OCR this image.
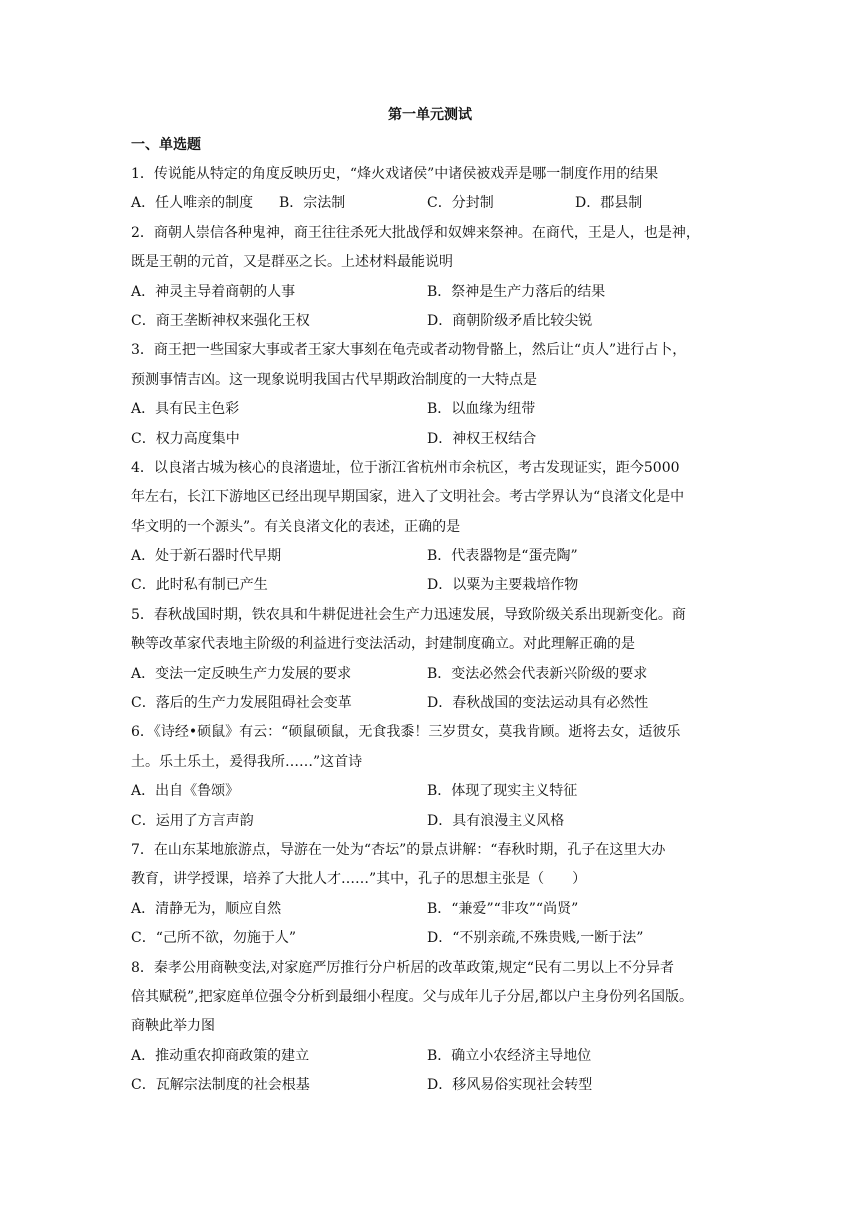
第一单元测试
一、单选题
1．传说能从特定的角度反映历史，“烽火戏诸侯”中诸侯被戏弄是哪一制度作用的结果
A．任人唯亲的制度 B．宗法制	C．分封制	D．郡县制
2．商朝人崇信各种鬼神，商王往往杀死大批战俘和奴婢来祭神。在商代，王是人，也是神，
既是王朝的元首，又是群巫之长。上述材料最能说明
A．神灵主导着商朝的人事	B．祭神是生产力落后的结果
C．商王垄断神权来强化王权	D．商朝阶级矛盾比较尖锐
3．商王把一些国家大事或者王家大事刻在龟壳或者动物骨骼上，然后让“贞人”进行占卜，
预测事情吉凶。这一现象说明我国古代早期政治制度的一大特点是
A．具有民主色彩	B．以血缘为纽带
C．权力高度集中	D．神权王权结合
4．以良渚古城为核心的良渚遗址，位于浙江省杭州市余杭区，考古发现证实，距今5000
年左右，长江下游地区已经出现早期国家，进入了文明社会。考古学界认为“良渚文化是中
华文明的一个源头”。有关良渚文化的表述，正确的是
A．处于新石器时代早期	B．代表器物是“蛋壳陶”
C．此时私有制已产生	D．以粟为主要栽培作物
5．春秋战国时期，铁农具和牛耕促进社会生产力迅速发展，导致阶级关系出现新变化。商
鞅等改革家代表地主阶级的利益进行变法活动，封建制度确立。对此理解正确的是
A．变法一定反映生产力发展的要求	B．变法必然会代表新兴阶级的要求
C．落后的生产力发展阻碍社会变革	D．春秋战国的变法运动具有必然性
6．《诗经•硕鼠》有云：“硕鼠硕鼠，无食我黍！三岁贯女，莫我肯顾。逝将去女，适彼乐
土。乐土乐土，爰得我所……”这首诗
A．出自《鲁颂》	B．体现了现实主义特征
C．运用了方言声韵	D．具有浪漫主义风格
7．在山东某地旅游点，导游在一处为“杏坛”的景点讲解：“春秋时期，孔子在这里大办
教育，讲学授课，培养了大批人才……”其中，孔子的思想主张是（　　）
A．清静无为，顺应自然	B．“兼爱”“非攻”“尚贤”
C．“己所不欲，勿施于人”	D．“不别亲疏,不殊贵贱,一断于法”
8．秦孝公用商鞅变法,对家庭严厉推行分户析居的改革政策,规定“民有二男以上不分异者
倍其赋税”,把家庭单位强令分析到最细小程度。父与成年儿子分居,都以户主身份列名国版。
商鞅此举力图
A．推动重农抑商政策的建立	B．确立小农经济主导地位
C．瓦解宗法制度的社会根基	D．移风易俗实现社会转型
